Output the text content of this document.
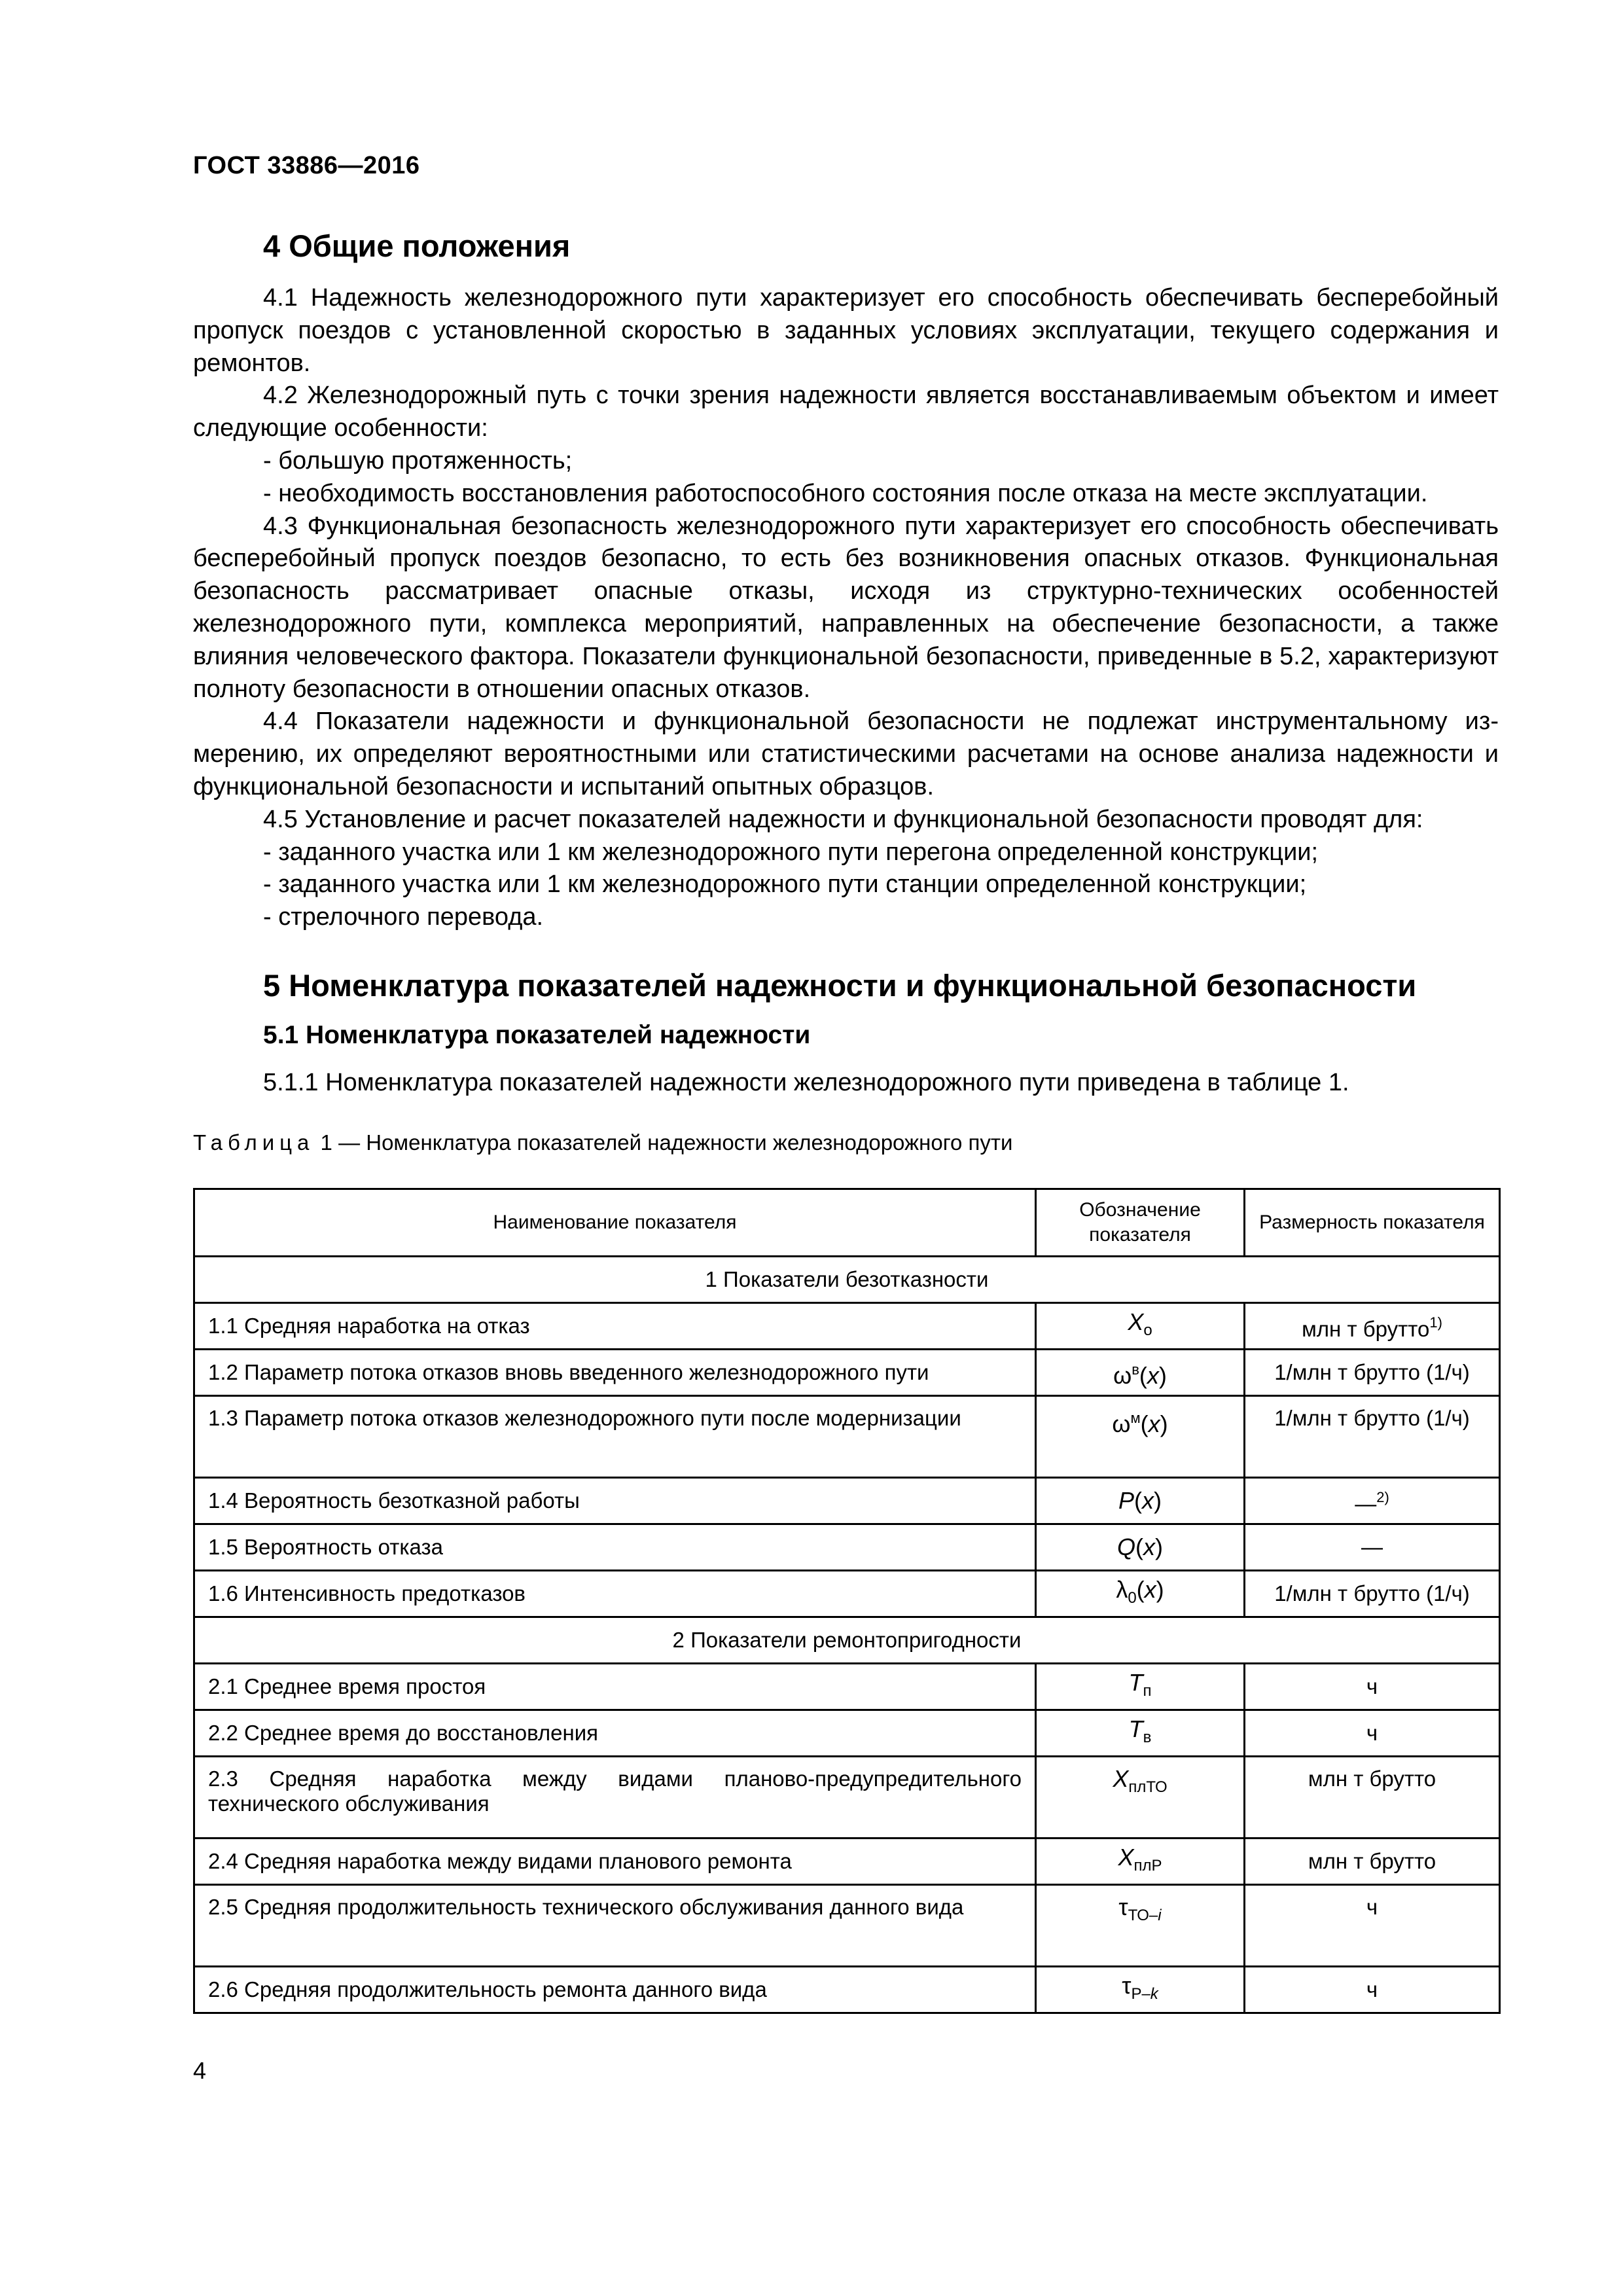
ГОСТ 33886—2016
4 Общие положения

4.1 Надежность железнодорожного пути характеризует его способность обеспечивать бесперебойный пропуск поездов с установленной скоростью в заданных условиях эксплуатации, текущего содержания и ремонтов.

4.2 Железнодорожный путь с точки зрения надежности является восстанавливаемым объектом и имеет следующие особенности:

- большую протяженность;
- необходимость восстановления работоспособного состояния после отказа на месте эксплуатации.

4.3 Функциональная безопасность железнодорожного пути характеризует его способность обеспечивать бесперебойный пропуск поездов безопасно, то есть без возникновения опасных отказов. Функциональная безопасность рассматривает опасные отказы, исходя из структурно-технических особенностей железнодорожного пути, комплекса мероприятий, направленных на обеспечение безопасности, а также влияния человеческого фактора. Показатели функциональной безопасности, приведенные в 5.2, характеризуют полноту безопасности в отношении опасных отказов.

4.4 Показатели надежности и функциональной безопасности не подлежат инструментальному измерению, их определяют вероятностными или статистическими расчетами на основе анализа надежности и функциональной безопасности и испытаний опытных образцов.

4.5 Установление и расчет показателей надежности и функциональной безопасности проводят для:

- заданного участка или 1 км железнодорожного пути перегона определенной конструкции;
- заданного участка или 1 км железнодорожного пути станции определенной конструкции;
- стрелочного перевода.
5 Номенклатура показателей надежности и функциональной безопасности
5.1 Номенклатура показателей надежности

5.1.1 Номенклатура показателей надежности железнодорожного пути приведена в таблице 1.

Таблица 1 — Номенклатура показателей надежности железнодорожного пути
Наименование показателя	Обозначение показателя	Размерность показателя
1 Показатели безотказности		
1.1 Средняя наработка на отказ	$X_о$	млн т брутто$^{1)}$
1.2 Параметр потока отказов вновь введенного железнодорожного пути	$\omega^в(x)$	1/млн т брутто (1/ч)
1.3 Параметр потока отказов железнодорожного пути после модернизации	$\omega^м(x)$	1/млн т брутто (1/ч)
1.4 Вероятность безотказной работы	P(x)	—$^{2)}$
1.5 Вероятность отказа	Q(x)	—
1.6 Интенсивность предотказов	$\lambda_0(x)$	1/млн т брутто (1/ч)
2 Показатели ремонтопригодности		
2.1 Среднее время простоя	$T_п$	ч
2.2 Среднее время до восстановления	$T_в$	ч
2.3 Средняя наработка между видами планово-предупредительного технического обслуживания	$X_{плТО}$	млн т брутто
2.4 Средняя наработка между видами планового ремонта	$X_{плР}$	млн т брутто
2.5 Средняя продолжительность технического обслуживания данного вида	$\tau_{ТО-i}$	ч
2.6 Средняя продолжительность ремонта данного вида	$\tau_{Р-k}$	ч
4
